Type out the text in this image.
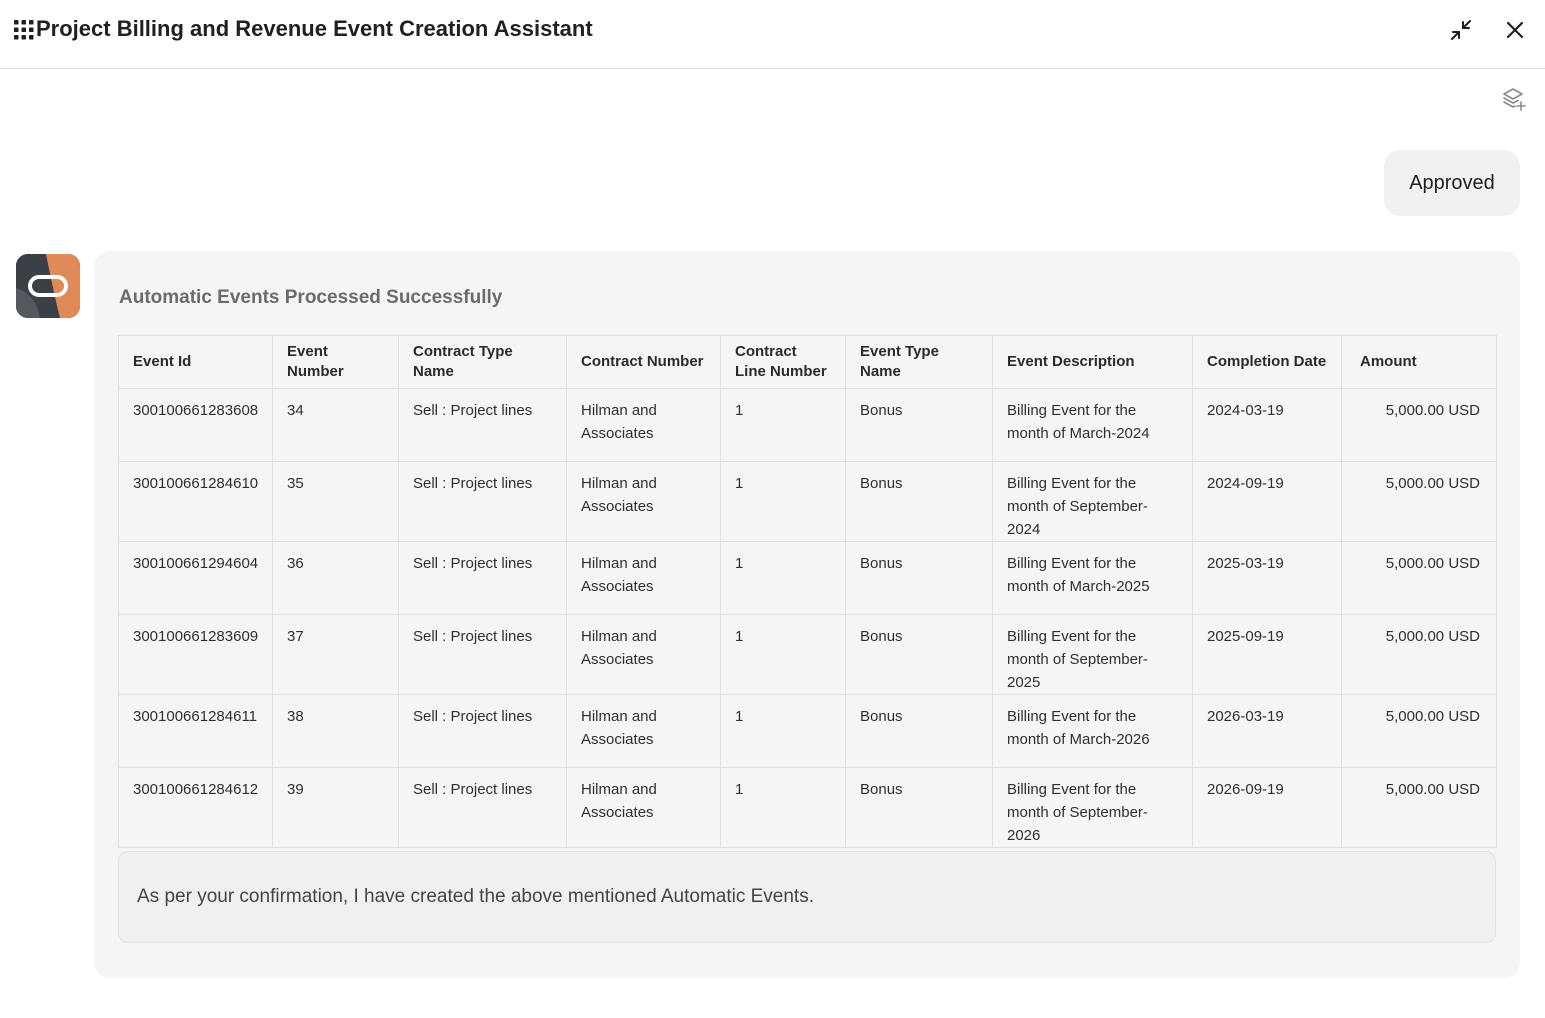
Project Billing and Revenue Event Creation Assistant
Approved
Automatic Events Processed Successfully
Event Id	Event Number	Contract Type Name	Contract Number	Contract Line Number	Event Type Name	Event Description	Completion Date	Amount
300100661283608	34	Sell : Project lines	Hilman and Associates	1	Bonus	Billing Event for the month of March-2024	2024-03-19	5,000.00 USD
300100661284610	35	Sell : Project lines	Hilman and Associates	1	Bonus	Billing Event for the month of September-2024	2024-09-19	5,000.00 USD
300100661294604	36	Sell : Project lines	Hilman and Associates	1	Bonus	Billing Event for the month of March-2025	2025-03-19	5,000.00 USD
300100661283609	37	Sell : Project lines	Hilman and Associates	1	Bonus	Billing Event for the month of September-2025	2025-09-19	5,000.00 USD
300100661284611	38	Sell : Project lines	Hilman and Associates	1	Bonus	Billing Event for the month of March-2026	2026-03-19	5,000.00 USD
300100661284612	39	Sell : Project lines	Hilman and Associates	1	Bonus	Billing Event for the month of September-2026	2026-09-19	5,000.00 USD
As per your confirmation, I have created the above mentioned Automatic Events.
